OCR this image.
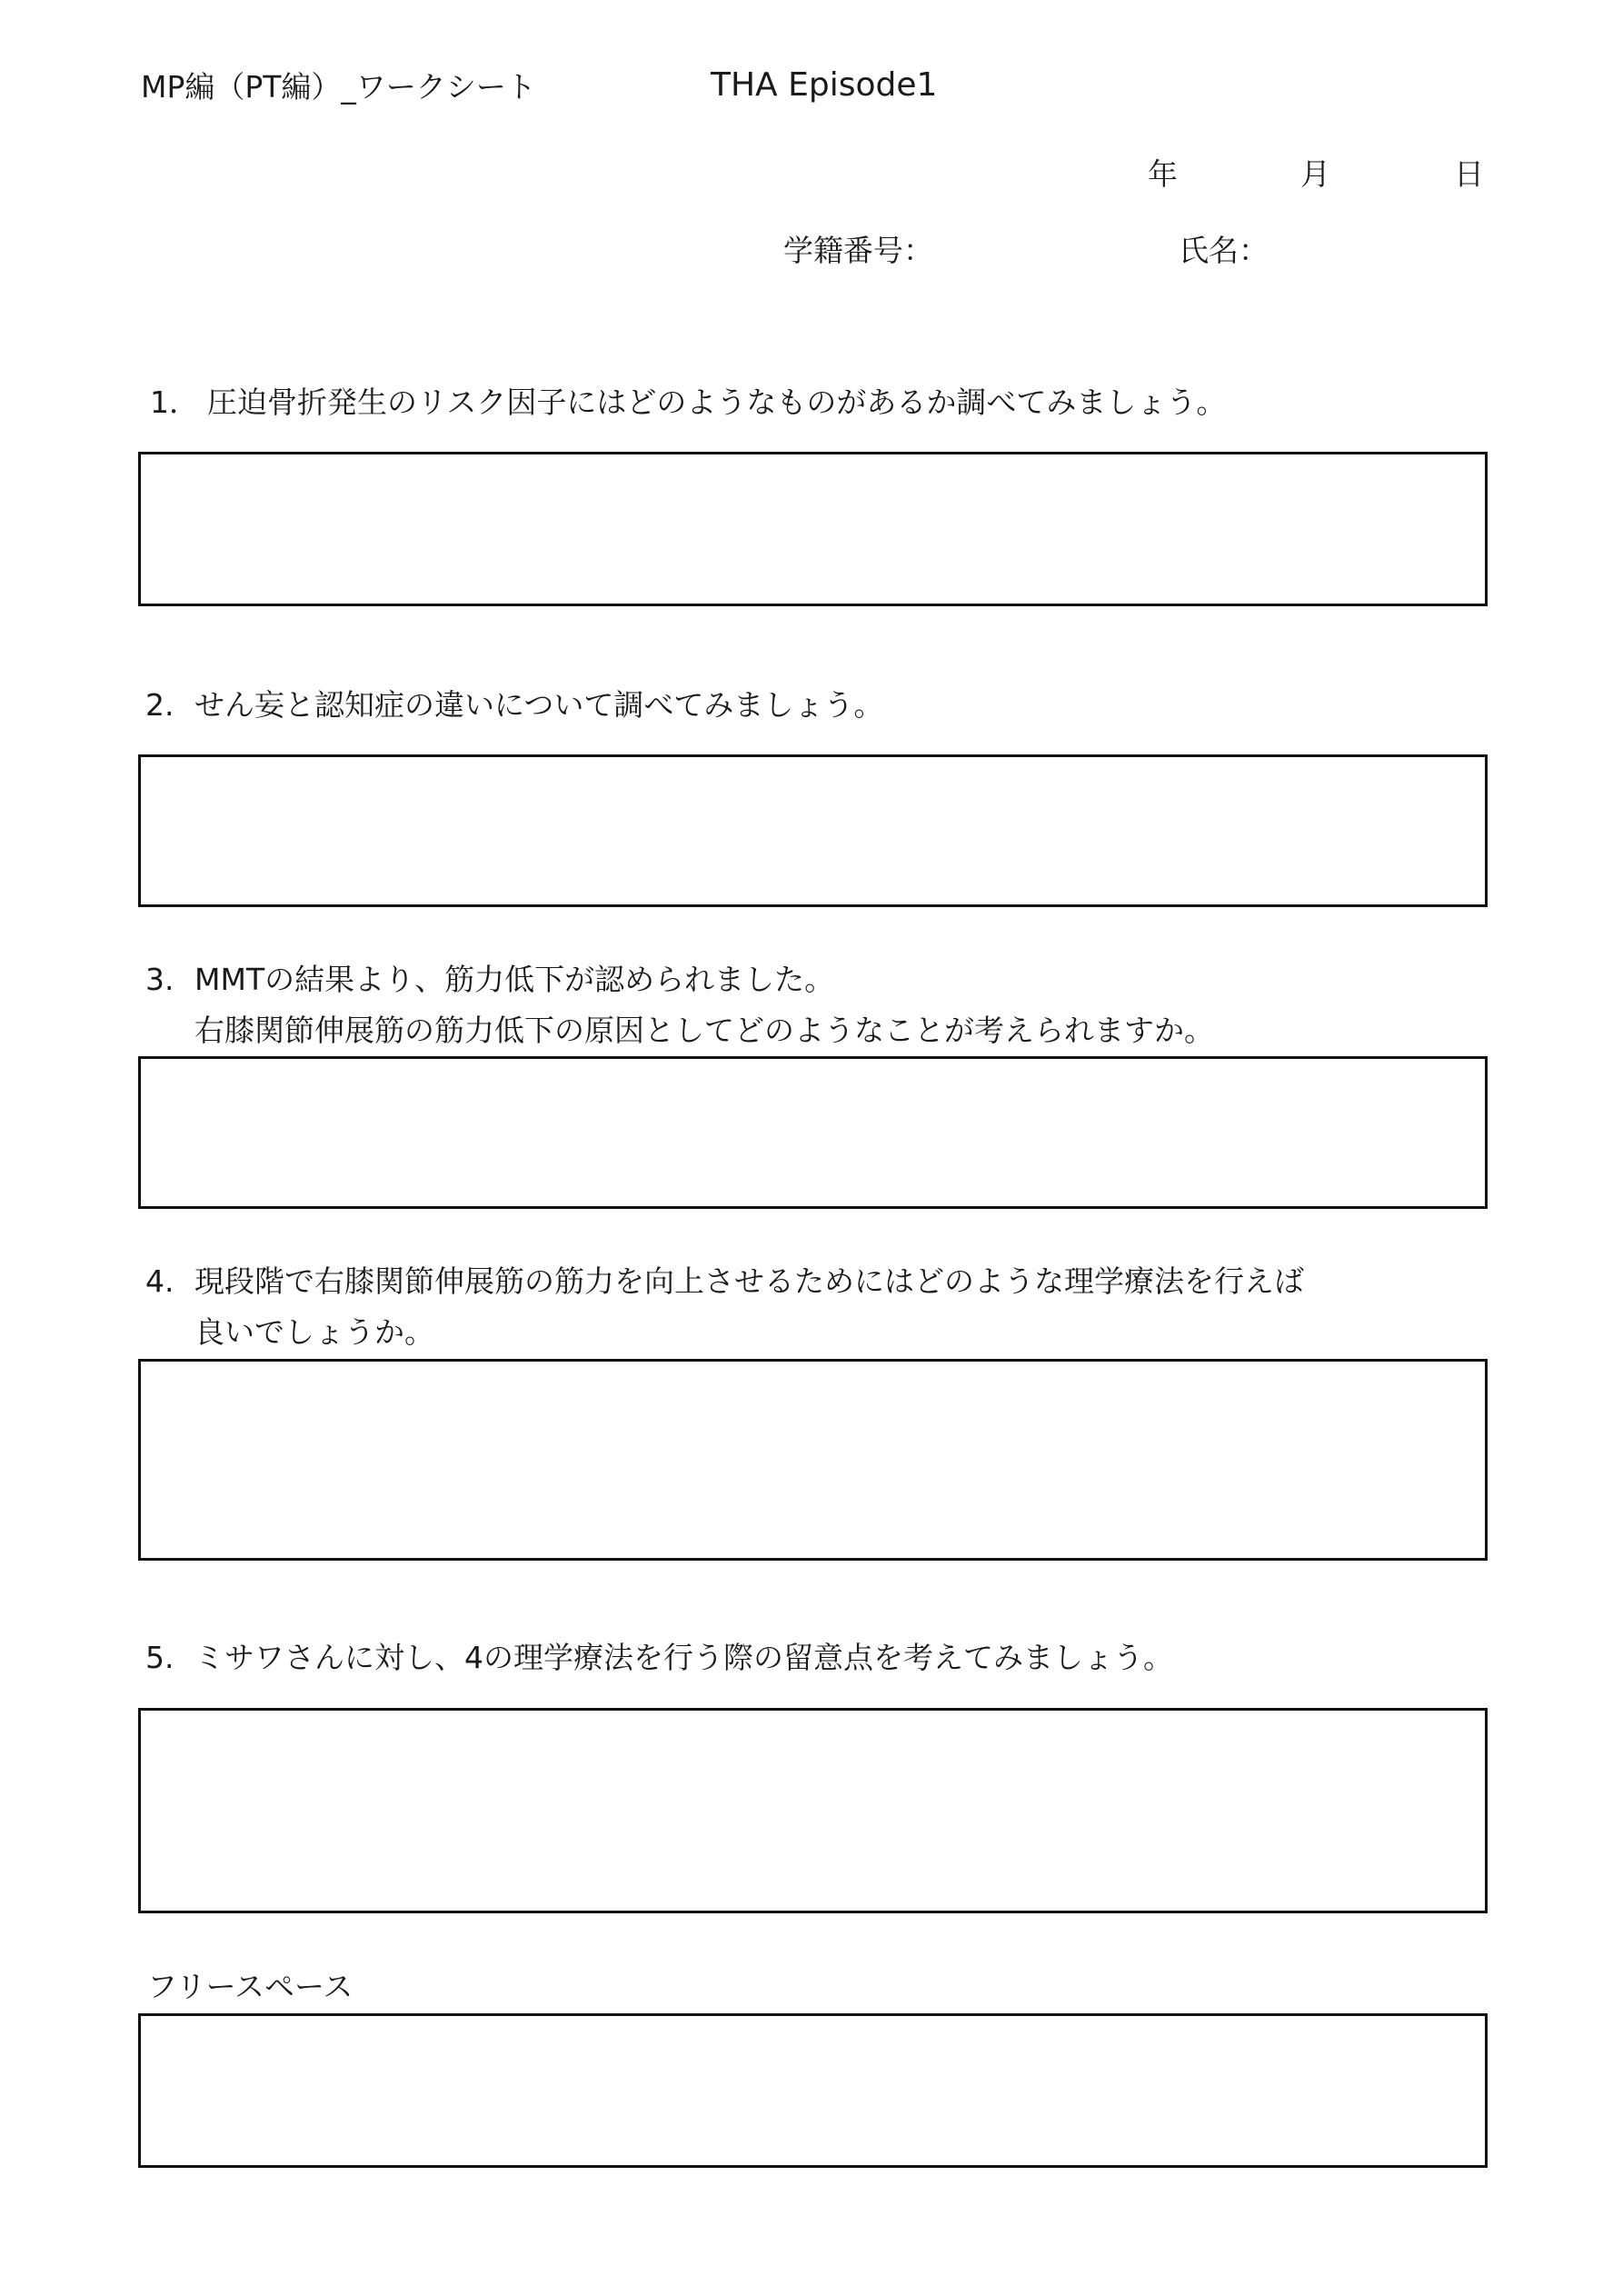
MP編（PT編）_ワークシート	THA Episode1
年	月	日
学籍番号：	氏名：
1． 圧迫骨折発生のリスク因子にはどのようなものがあるか調べてみましょう。
2. せん妄と認知症の違いについて調べてみましょう。
3. MMTの結果より、筋力低下が認められました。
右膝関節伸展筋の筋力低下の原因としてどのようなことが考えられますか。
4. 現段階で右膝関節伸展筋の筋力を向上させるためにはどのような理学療法を行えば
良いでしょうか。
5. ミサワさんに対し、4の理学療法を行う際の留意点を考えてみましょう。
フリースペース
